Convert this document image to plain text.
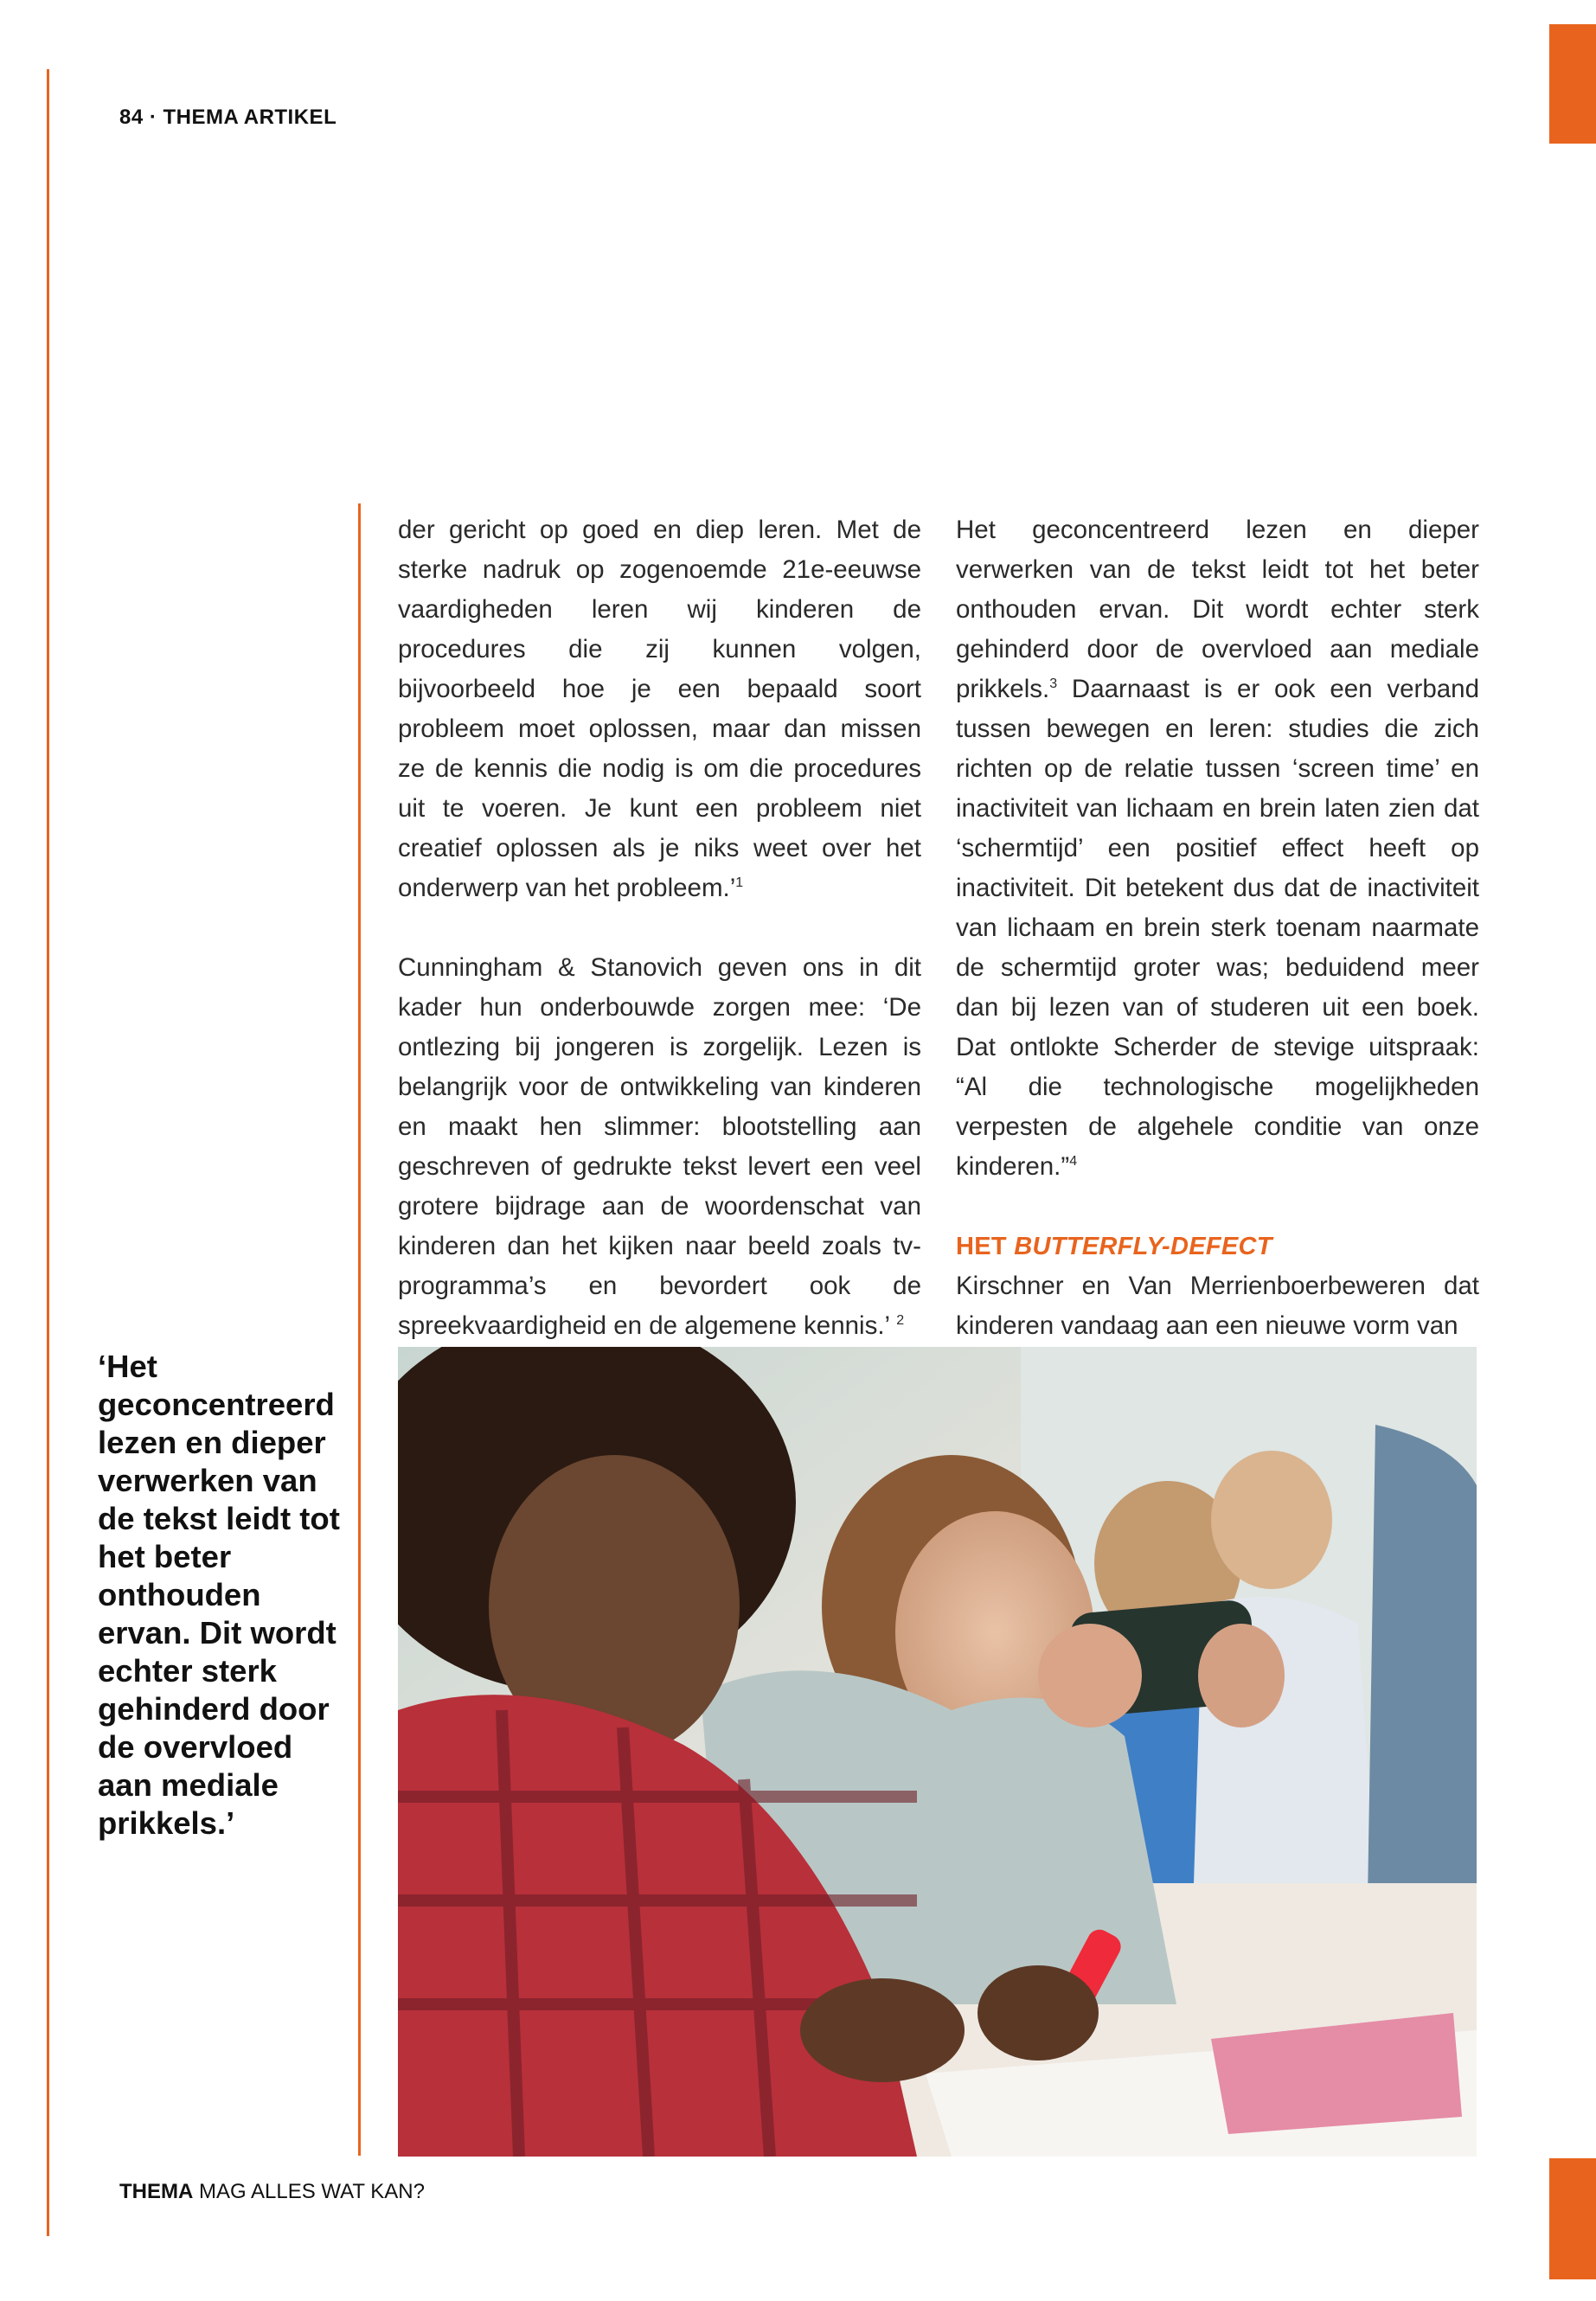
84 · THEMA ARTIKEL

der gericht op goed en diep leren. Met de sterke nadruk op zogenoemde 21e-eeuwse vaardigheden leren wij kinderen de procedures die zij kunnen volgen, bijvoorbeeld hoe je een bepaald soort probleem moet oplossen, maar dan missen ze de kennis die nodig is om die procedures uit te voeren. Je kunt een probleem niet creatief oplossen als je niks weet over het onderwerp van het probleem.’$^1$

Cunningham & Stanovich geven ons in dit kader hun onderbouwde zorgen mee: ‘De ontlezing bij jongeren is zorgelijk. Lezen is belangrijk voor de ontwikkeling van kinderen en maakt hen slimmer: blootstelling aan geschreven of gedrukte tekst levert een veel grotere bijdrage aan de woordenschat van kinderen dan het kijken naar beeld zoals tv-programma’s en bevordert ook de spreekvaardigheid en de algemene kennis.’ $^2$

Het geconcentreerd lezen en dieper verwerken van de tekst leidt tot het beter onthouden ervan. Dit wordt echter sterk gehinderd door de overvloed aan mediale prikkels.$^3$ Daarnaast is er ook een verband tussen bewegen en leren: studies die zich richten op de relatie tussen ‘screen time’ en inactiviteit van lichaam en brein laten zien dat ‘schermtijd’ een positief effect heeft op inactiviteit. Dit betekent dus dat de inactiviteit van lichaam en brein sterk toenam naarmate de schermtijd groter was; beduidend meer dan bij lezen van of studeren uit een boek. Dat ontlokte Scherder de stevige uitspraak: “Al die technologische mogelijkheden verpesten de algehele conditie van onze kinderen.”$^4$

HET BUTTERFLY-DEFECT

Kirschner en Van Merrienboerbeweren dat kinderen vandaag aan een nieuwe vorm van

‘Het geconcentreerd lezen en dieper verwerken van de tekst leidt tot het beter onthouden ervan. Dit wordt echter sterk gehinderd door de overvloed aan mediale prikkels.’
THEMA MAG ALLES WAT KAN?
